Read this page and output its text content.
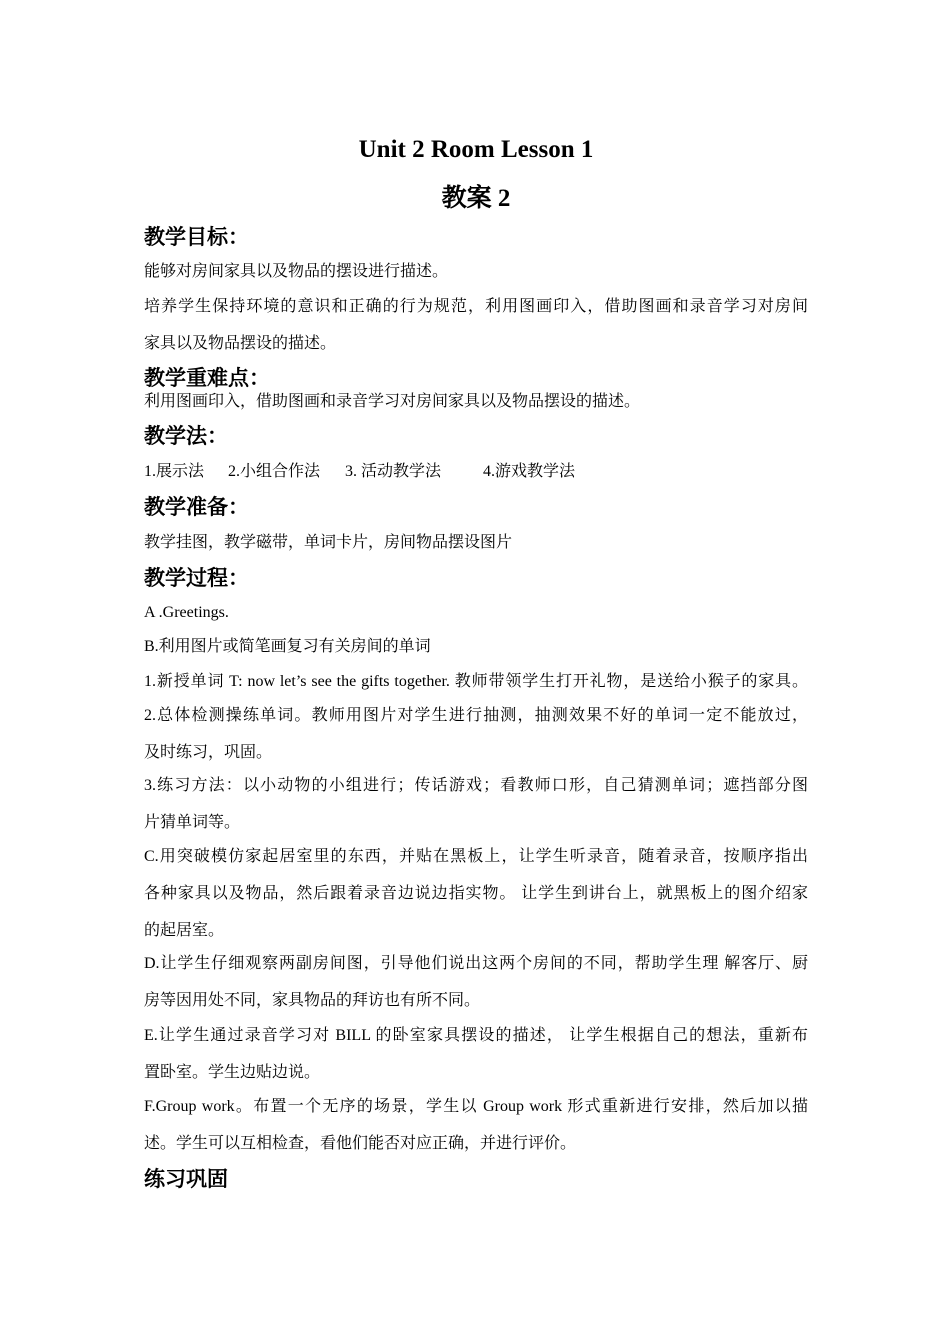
Unit 2 Room Lesson 1
教案 2
教学目标：
能够对房间家具以及物品的摆设进行描述。
培养学生保持环境的意识和正确的行为规范，利用图画印入，借助图画和录音学习对房间
家具以及物品摆设的描述。
教学重难点：
利用图画印入，借助图画和录音学习对房间家具以及物品摆设的描述。
教学法：
1.展示法 2.小组合作法 3. 活动教学法	4.游戏教学法
教学准备：
教学挂图，教学磁带，单词卡片，房间物品摆设图片
教学过程：
A .Greetings.
B.利用图片或简笔画复习有关房间的单词
1.新授单词 T: now let’s see the gifts together. 教师带领学生打开礼物，是送给小猴子的家具。
2.总体检测操练单词。教师用图片对学生进行抽测，抽测效果不好的单词一定不能放过，
及时练习，巩固。
3.练习方法：以小动物的小组进行；传话游戏；看教师口形，自己猜测单词；遮挡部分图
片猜单词等。
C.用突破模仿家起居室里的东西，并贴在黑板上，让学生听录音，随着录音，按顺序指出
各种家具以及物品，然后跟着录音边说边指实物。 让学生到讲台上，就黑板上的图介绍家
的起居室。
D.让学生仔细观察两副房间图，引导他们说出这两个房间的不同，帮助学生理 解客厅、厨
房等因用处不同，家具物品的拜访也有所不同。
E.让学生通过录音学习对 BILL 的卧室家具摆设的描述， 让学生根据自己的想法，重新布
置卧室。学生边贴边说。
F.Group work。布置一个无序的场景，学生以 Group work 形式重新进行安排，然后加以描
述。学生可以互相检查，看他们能否对应正确，并进行评价。
练习巩固
